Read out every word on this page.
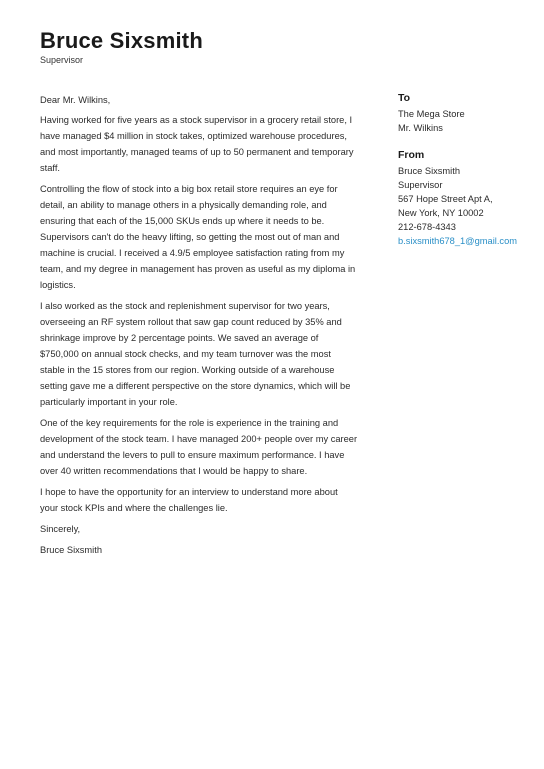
Bruce Sixsmith
Supervisor

Dear Mr. Wilkins,

Having worked for five years as a stock supervisor in a grocery retail store, I have managed $4 million in stock takes, optimized warehouse procedures, and most importantly, managed teams of up to 50 permanent and temporary staff.

Controlling the flow of stock into a big box retail store requires an eye for detail, an ability to manage others in a physically demanding role, and ensuring that each of the 15,000 SKUs ends up where it needs to be. Supervisors can't do the heavy lifting, so getting the most out of man and machine is crucial. I received a 4.9/5 employee satisfaction rating from my team, and my degree in management has proven as useful as my diploma in logistics.

I also worked as the stock and replenishment supervisor for two years, overseeing an RF system rollout that saw gap count reduced by 35% and shrinkage improve by 2 percentage points. We saved an average of $750,000 on annual stock checks, and my team turnover was the most stable in the 15 stores from our region. Working outside of a warehouse setting gave me a different perspective on the store dynamics, which will be particularly important in your role.

One of the key requirements for the role is experience in the training and development of the stock team. I have managed 200+ people over my career and understand the levers to pull to ensure maximum performance. I have over 40 written recommendations that I would be happy to share.

I hope to have the opportunity for an interview to understand more about your stock KPIs and where the challenges lie.

Sincerely,

Bruce Sixsmith

To
The Mega Store
Mr. Wilkins
From
Bruce Sixsmith
Supervisor
567 Hope Street Apt A,
New York, NY 10002
212-678-4343
b.sixsmith678_1@gmail.com
